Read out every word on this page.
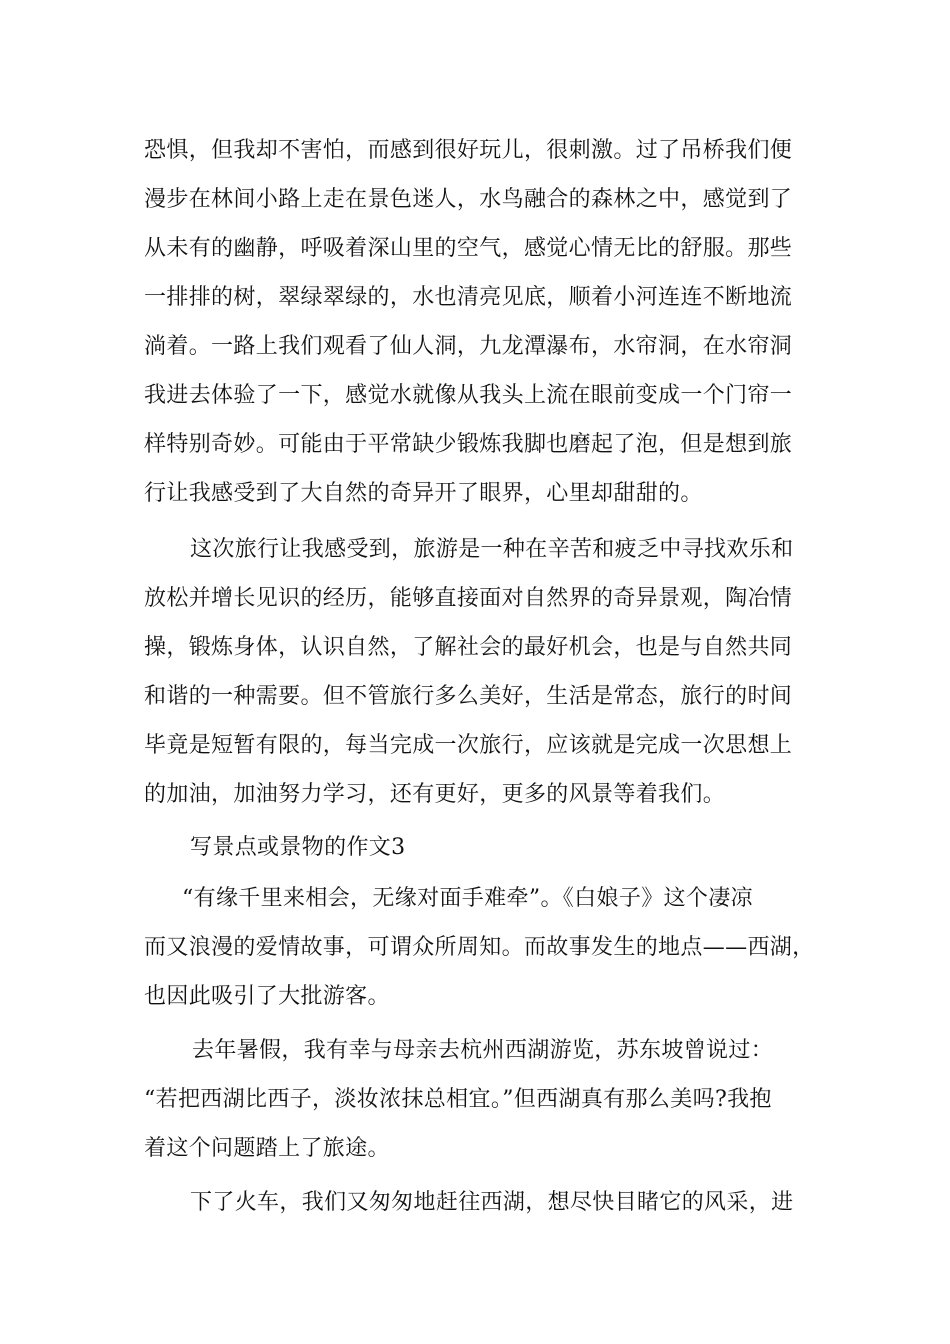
恐惧，但我却不害怕，而感到很好玩儿，很刺激。过了吊桥我们便
漫步在林间小路上走在景色迷人，水鸟融合的森林之中，感觉到了
从未有的幽静，呼吸着深山里的空气，感觉心情无比的舒服。那些
一排排的树，翠绿翠绿的，水也清亮见底，顺着小河连连不断地流
淌着。一路上我们观看了仙人洞，九龙潭瀑布，水帘洞，在水帘洞
我进去体验了一下，感觉水就像从我头上流在眼前变成一个门帘一
样特别奇妙。可能由于平常缺少锻炼我脚也磨起了泡，但是想到旅
行让我感受到了大自然的奇异开了眼界，心里却甜甜的。
这次旅行让我感受到，旅游是一种在辛苦和疲乏中寻找欢乐和
放松并增长见识的经历，能够直接面对自然界的奇异景观，陶冶情
操，锻炼身体，认识自然，了解社会的最好机会，也是与自然共同
和谐的一种需要。但不管旅行多么美好，生活是常态，旅行的时间
毕竟是短暂有限的，每当完成一次旅行，应该就是完成一次思想上
的加油，加油努力学习，还有更好，更多的风景等着我们。
写景点或景物的作文3
“有缘千里来相会，无缘对面手难牵”。《白娘子》这个凄凉
而又浪漫的爱情故事，可谓众所周知。而故事发生的地点——西湖，
也因此吸引了大批游客。
去年暑假，我有幸与母亲去杭州西湖游览，苏东坡曾说过：
“若把西湖比西子，淡妆浓抹总相宜。”但西湖真有那么美吗?我抱
着这个问题踏上了旅途。
下了火车，我们又匆匆地赶往西湖，想尽快目睹它的风采，进
